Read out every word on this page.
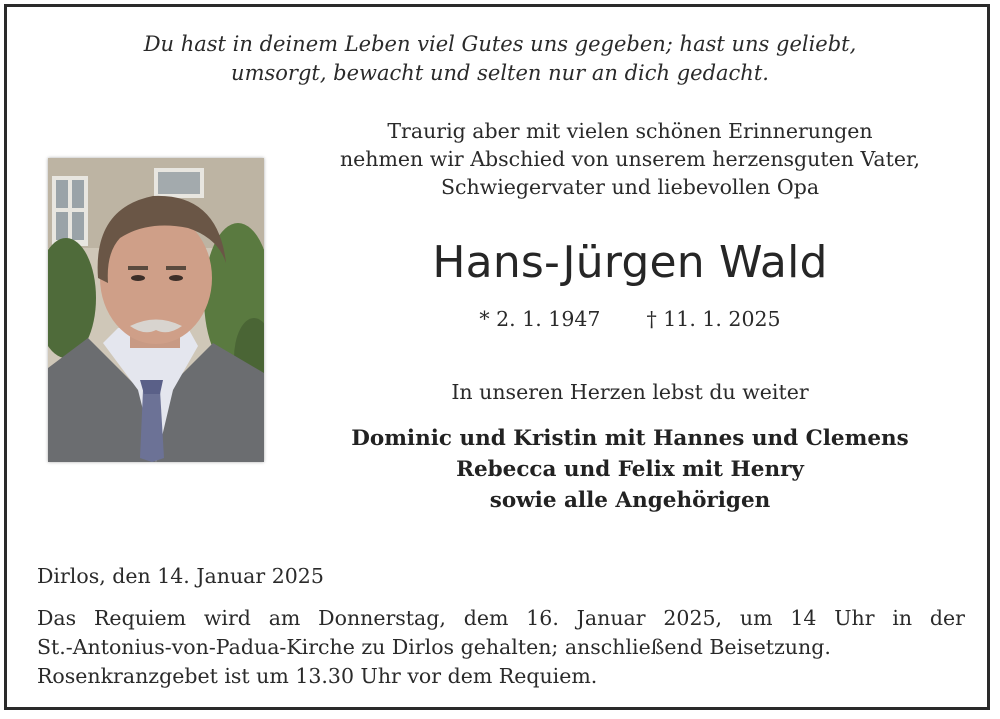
Du hast in deinem Leben viel Gutes uns gegeben; hast uns geliebt,
umsorgt, bewacht und selten nur an dich gedacht.
Traurig aber mit vielen schönen Erinnerungen
nehmen wir Abschied von unserem herzensguten Vater,
Schwiegervater und liebevollen Opa
Hans-Jürgen Wald
* 2. 1. 1947 † 11. 1. 2025
In unseren Herzen lebst du weiter
Dominic und Kristin mit Hannes und Clemens
Rebecca und Felix mit Henry
sowie alle Angehörigen
Dirlos, den 14. Januar 2025
Das Requiem wird am Donnerstag, dem 16. Januar 2025, um 14 Uhr in der
St.-Antonius-von-Padua-Kirche zu Dirlos gehalten; anschließend Beisetzung.
Rosenkranzgebet ist um 13.30 Uhr vor dem Requiem.
